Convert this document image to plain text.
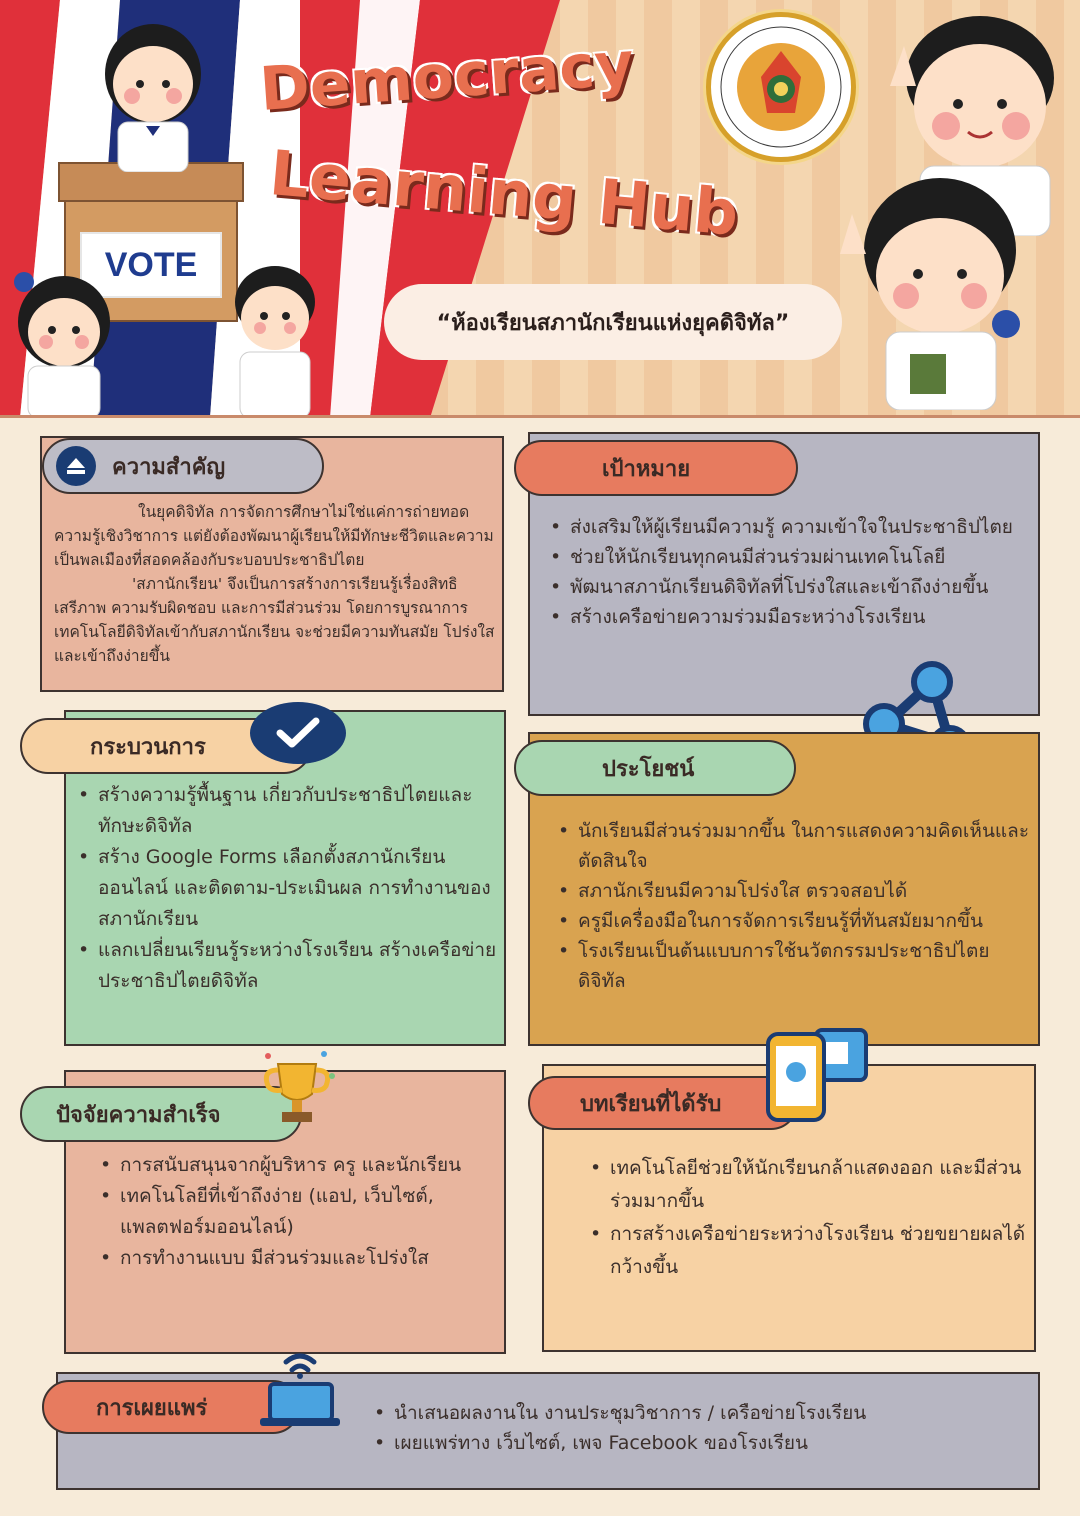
VOTE
Democracy
Learning Hub
“ห้องเรียนสภานักเรียนแห่งยุคดิจิทัล”
ความสำคัญ

ในยุคดิจิทัล การจัดการศึกษาไม่ใช่แค่การถ่ายทอดความรู้เชิงวิชาการ แต่ยังต้องพัฒนาผู้เรียนให้มีทักษะชีวิตและความเป็นพลเมืองที่สอดคล้องกับระบอบประชาธิปไตย

'สภานักเรียน' จึงเป็นการสร้างการเรียนรู้เรื่องสิทธิ เสรีภาพ ความรับผิดชอบ และการมีส่วนร่วม โดยการบูรณาการเทคโนโลยีดิจิทัลเข้ากับสภานักเรียน จะช่วยมีความทันสมัย โปร่งใส และเข้าถึงง่ายขึ้น

เป้าหมาย
• ส่งเสริมให้ผู้เรียนมีความรู้ ความเข้าใจในประชาธิปไตย
• ช่วยให้นักเรียนทุกคนมีส่วนร่วมผ่านเทคโนโลยี
• พัฒนาสภานักเรียนดิจิทัลที่โปร่งใสและเข้าถึงง่ายขึ้น
• สร้างเครือข่ายความร่วมมือระหว่างโรงเรียน
กระบวนการ
• สร้างความรู้พื้นฐาน เกี่ยวกับประชาธิปไตยและทักษะดิจิทัล
• สร้าง Google Forms เลือกตั้งสภานักเรียนออนไลน์ และติดตาม-ประเมินผล การทำงานของสภานักเรียน
• แลกเปลี่ยนเรียนรู้ระหว่างโรงเรียน สร้างเครือข่ายประชาธิปไตยดิจิทัล
ประโยชน์
• นักเรียนมีส่วนร่วมมากขึ้น ในการแสดงความคิดเห็นและตัดสินใจ
• สภานักเรียนมีความโปร่งใส ตรวจสอบได้
• ครูมีเครื่องมือในการจัดการเรียนรู้ที่ทันสมัยมากขึ้น
• โรงเรียนเป็นต้นแบบการใช้นวัตกรรมประชาธิปไตยดิจิทัล
ปัจจัยความสำเร็จ
• การสนับสนุนจากผู้บริหาร ครู และนักเรียน
• เทคโนโลยีที่เข้าถึงง่าย (แอป, เว็บไซต์, แพลตฟอร์มออนไลน์)
• การทำงานแบบ มีส่วนร่วมและโปร่งใส
บทเรียนที่ได้รับ
• เทคโนโลยีช่วยให้นักเรียนกล้าแสดงออก และมีส่วนร่วมมากขึ้น
• การสร้างเครือข่ายระหว่างโรงเรียน ช่วยขยายผลได้กว้างขึ้น
การเผยแพร่
•	นำเสนอผลงานใน งานประชุมวิชาการ / เครือข่ายโรงเรียน
• เผยแพร่ทาง เว็บไซต์, เพจ Facebook ของโรงเรียน
